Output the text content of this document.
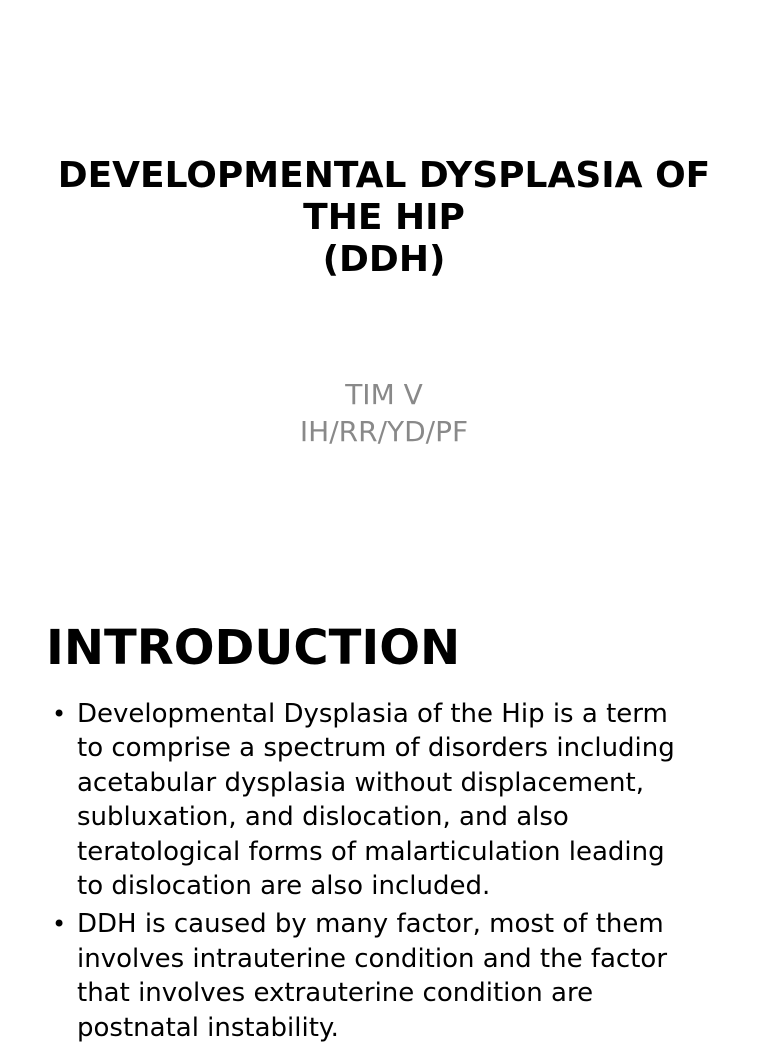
DEVELOPMENTAL DYSPLASIA OF
THE HIP
(DDH)
TIM V
IH/RR/YD/PF
INTRODUCTION
• Developmental Dysplasia of the Hip is a term
to comprise a spectrum of disorders including
acetabular dysplasia without displacement,
subluxation, and dislocation, and also
teratological forms of malarticulation leading
to dislocation are also included.
• DDH is caused by many factor, most of them
involves intrauterine condition and the factor
that involves extrauterine condition are
postnatal instability.
